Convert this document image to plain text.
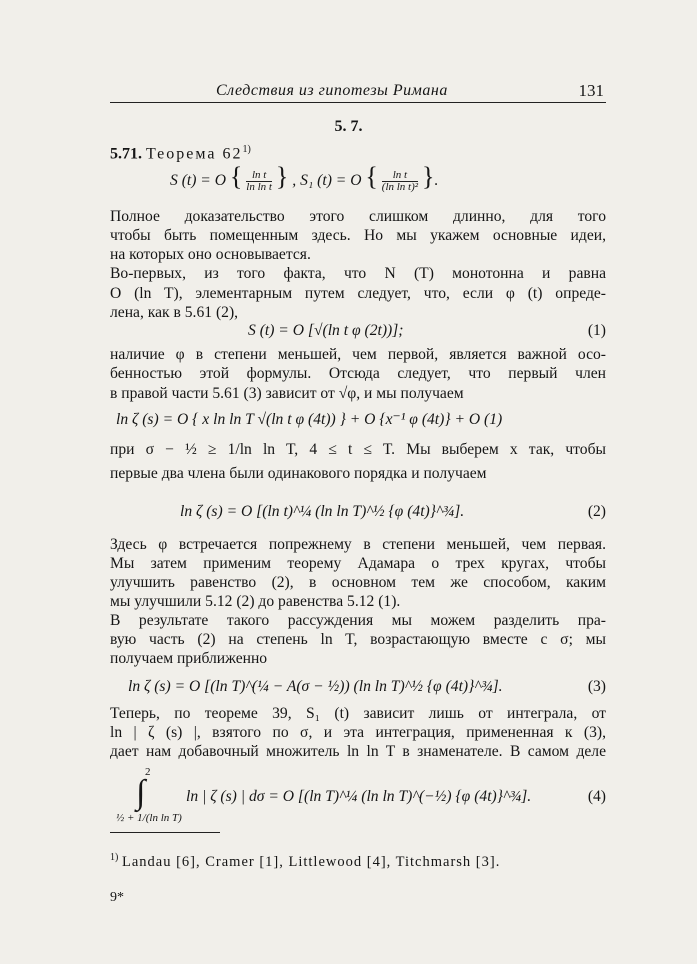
Следствия из гипотезы Римана	131
5. 7.
5.71. Теорема 62$^{1)}$
S (t) = O { $\frac{\text{ln t}}{\text{ln ln t}}$ } , S₁ (t) = O { $\frac{\text{ln t}}{\text{(ln ln t)²}}$ }.
Полное доказательство этого слишком длинно, для того
чтобы быть помещенным здесь. Но мы укажем основные идеи,
на которых оно основывается.
Во-первых, из того факта, что N (T) монотонна и равна
O (ln T), элементарным путем следует, что, если φ (t) опреде-
лена, как в 5.61 (2),
S (t) = O [√(ln t φ (2t))];	(1)
наличие φ в степени меньшей, чем первой, является важной осо-
бенностью этой формулы. Отсюда следует, что первый член
в правой части 5.61 (3) зависит от √φ, и мы получаем
ln ζ (s) = O { x ln ln T √(ln t φ (4t)) } + O {x⁻¹ φ (4t)} + O (1)
при σ − ½ ≥ 1/ln ln T, 4 ≤ t ≤ T. Мы выберем x так, чтобы
первые два члена были одинакового порядка и получаем
ln ζ (s) = O [(ln t)^¼ (ln ln T)^½ {φ (4t)}^¾].	(2)
Здесь φ встречается попрежнему в степени меньшей, чем первая.
Мы затем применим теорему Адамара о трех кругах, чтобы
улучшить равенство (2), в основном тем же способом, каким
мы улучшили 5.12 (2) до равенства 5.12 (1).
В результате такого рассуждения мы можем разделить пра-
вую часть (2) на степень ln T, возрастающую вместе с σ; мы
получаем приближенно
ln ζ (s) = O [(ln T)^(¼ − A(σ − ½)) (ln ln T)^½ {φ (4t)}^¾].	(3)
Теперь, по теореме 39, S₁ (t) зависит лишь от интеграла, от
ln | ζ (s) |, взятого по σ, и эта интеграция, примененная к (3),
дает нам добавочный множитель ln ln T в знаменателе. В самом деле
2
∫
½ + 1/(ln ln T)
ln | ζ (s) | dσ = O [(ln T)^¼ (ln ln T)^(−½) {φ (4t)}^¾].	(4)
$^{1)}$ Landau [6], Cramer [1], Littlewood [4], Titchmarsh [3].
9*
